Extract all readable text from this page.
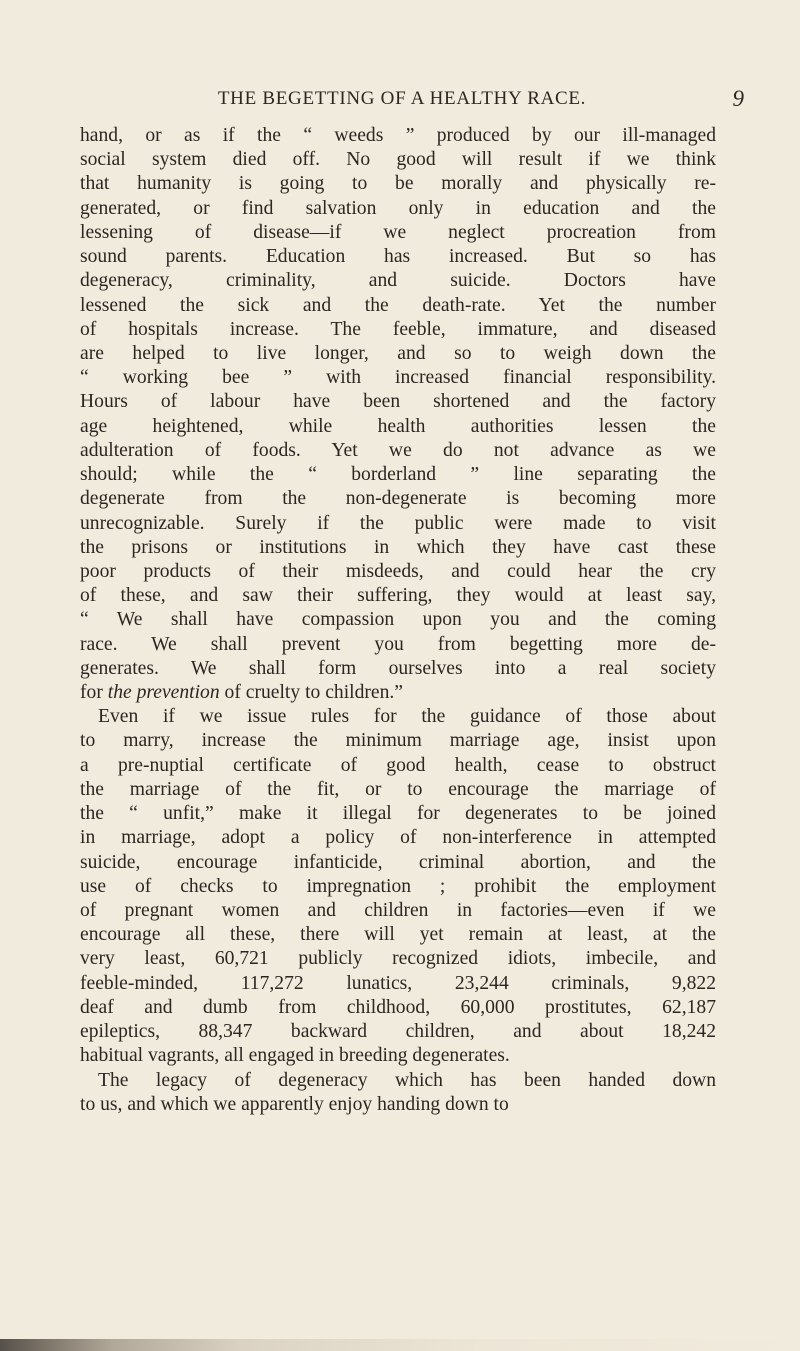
THE BEGETTING OF A HEALTHY RACE.	9
hand, or as if the “ weeds ” produced by our ill-managed
social system died off. No good will result if we think
that humanity is going to be morally and physically re-
generated, or find salvation only in education and the
lessening of disease—if we neglect procreation from
sound parents. Education has increased. But so has
degeneracy, criminality, and suicide. Doctors have
lessened the sick and the death-rate. Yet the number
of hospitals increase. The feeble, immature, and diseased
are helped to live longer, and so to weigh down the
“ working bee ” with increased financial responsibility.
Hours of labour have been shortened and the factory
age heightened, while health authorities lessen the
adulteration of foods. Yet we do not advance as we
should; while the “ borderland ” line separating the
degenerate from the non-degenerate is becoming more
unrecognizable. Surely if the public were made to visit
the prisons or institutions in which they have cast these
poor products of their misdeeds, and could hear the cry
of these, and saw their suffering, they would at least say,
“ We shall have compassion upon you and the coming
race. We shall prevent you from begetting more de-
generates. We shall form ourselves into a real society
for the prevention of cruelty to children.”
Even if we issue rules for the guidance of those about
to marry, increase the minimum marriage age, insist upon
a pre-nuptial certificate of good health, cease to obstruct
the marriage of the fit, or to encourage the marriage of
the “ unfit,” make it illegal for degenerates to be joined
in marriage, adopt a policy of non-interference in attempted
suicide, encourage infanticide, criminal abortion, and the
use of checks to impregnation ; prohibit the employment
of pregnant women and children in factories—even if we
encourage all these, there will yet remain at least, at the
very least, 60,721 publicly recognized idiots, imbecile, and
feeble-minded, 117,272 lunatics, 23,244 criminals, 9,822
deaf and dumb from childhood, 60,000 prostitutes, 62,187
epileptics, 88,347 backward children, and about 18,242
habitual vagrants, all engaged in breeding degenerates.
The legacy of degeneracy which has been handed down
to us, and which we apparently enjoy handing down to
